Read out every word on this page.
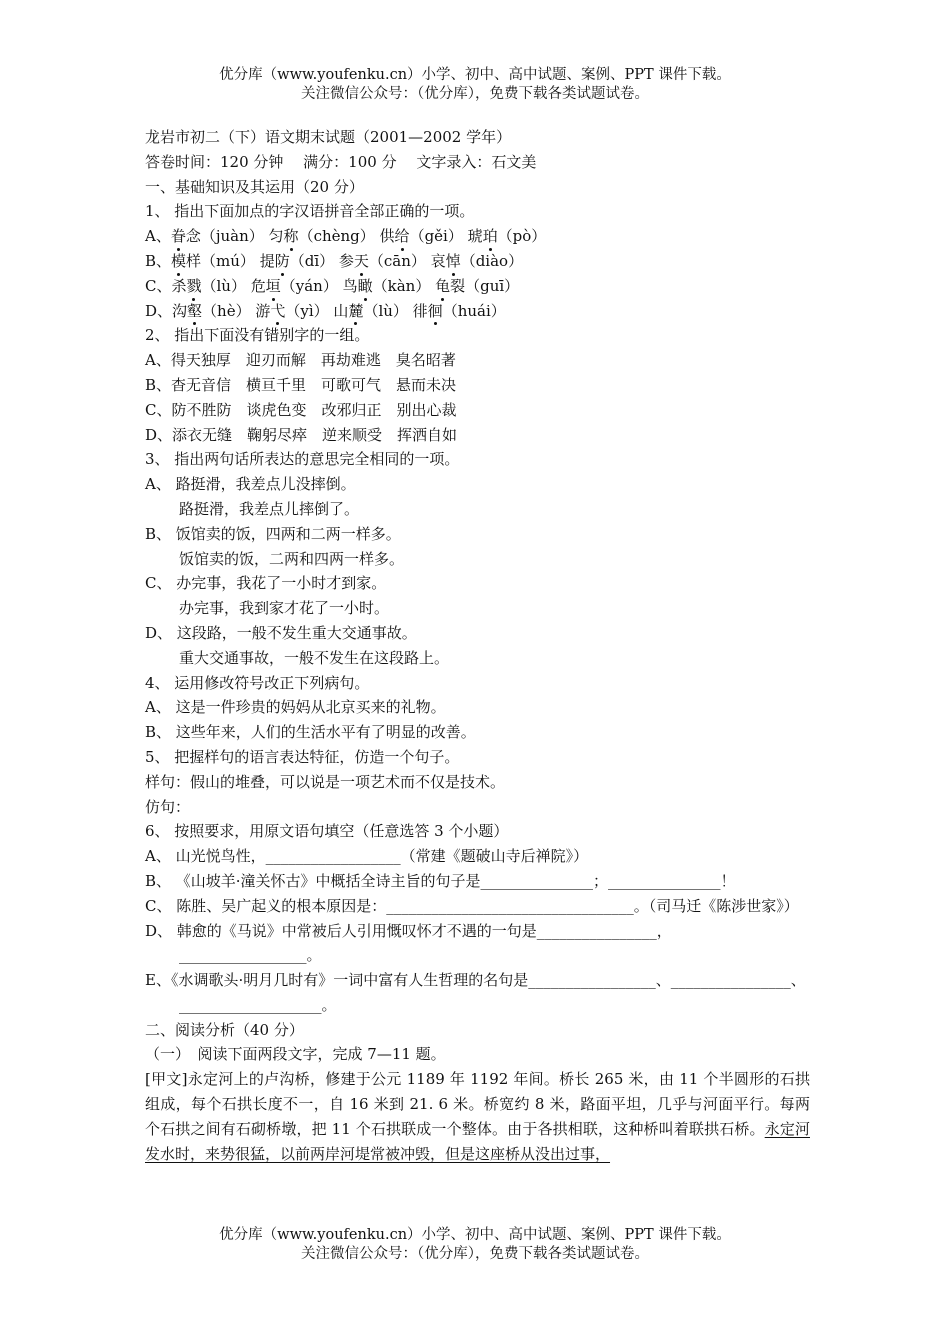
优分库（www.youfenku.cn）小学、初中、高中试题、案例、PPT 课件下载。
关注微信公众号：（优分库），免费下载各类试题试卷。
龙岩市初二（下）语文期末试题（2001—2002 学年）
答卷时间：120 分钟　 满分：100 分　 文字录入：石文美
一、基础知识及其运用（20 分）
1、 指出下面加点的字汉语拼音全部正确的一项。
A、眷念（juàn） 匀称（chèng） 供给（gěi） 琥珀（pò）
B、模样（mú） 提防（dī） 参天（cān） 哀悼（diào）
C、杀戮（lù） 危垣（yán） 鸟瞰（kàn） 龟裂（guī）
D、沟壑（hè） 游弋（yì） 山麓（lù） 徘徊（huái）
2、 指出下面没有错别字的一组。
A、得天独厚　迎刃而解　再劫难逃　臭名昭著
B、杳无音信　横亘千里　可歌可气　悬而未决
C、防不胜防　谈虎色变　改邪归正　别出心裁
D、添衣无缝　鞠躬尽瘁　逆来顺受　挥洒自如
3、 指出两句话所表达的意思完全相同的一项。
A、 路挺滑，我差点儿没摔倒。
路挺滑，我差点儿摔倒了。
B、 饭馆卖的饭，四两和二两一样多。
饭馆卖的饭，二两和四两一样多。
C、 办完事，我花了一小时才到家。
办完事，我到家才花了一小时。
D、 这段路，一般不发生重大交通事故。
重大交通事故，一般不发生在这段路上。
4、 运用修改符号改正下列病句。
A、 这是一件珍贵的妈妈从北京买来的礼物。
B、 这些年来，人们的生活水平有了明显的改善。
5、 把握样句的语言表达特征，仿造一个句子。
样句：假山的堆叠，可以说是一项艺术而不仅是技术。
仿句：
6、 按照要求，用原文语句填空（任意选答 3 个小题）
A、 山光悦鸟性，__________________（常建《题破山寺后禅院》）
B、 《山坡羊·潼关怀古》中概括全诗主旨的句子是_______________；_______________！
C、 陈胜、吴广起义的根本原因是：_________________________________。（司马迁《陈涉世家》）
D、 韩愈的《马说》中常被后人引用慨叹怀才不遇的一句是________________，_________________。
E、《水调歌头·明月几时有》一词中富有人生哲理的名句是_________________、________________、___________________。
二、阅读分析（40 分）
（一）　阅读下面两段文字，完成 7—11 题。
[甲文]永定河上的卢沟桥，修建于公元 1189 年 1192 年间。桥长 265 米，由 11 个半圆形的石拱组成，每个石拱长度不一，自 16 米到 21. 6 米。桥宽约 8 米，路面平坦，几乎与河面平行。每两个石拱之间有石砌桥墩，把 11 个石拱联成一个整体。由于各拱相联，这种桥叫着联拱石桥。永定河发水时，来势很猛，以前两岸河堤常被冲毁，但是这座桥从没出过事，
优分库（www.youfenku.cn）小学、初中、高中试题、案例、PPT 课件下载。
关注微信公众号：（优分库），免费下载各类试题试卷。
